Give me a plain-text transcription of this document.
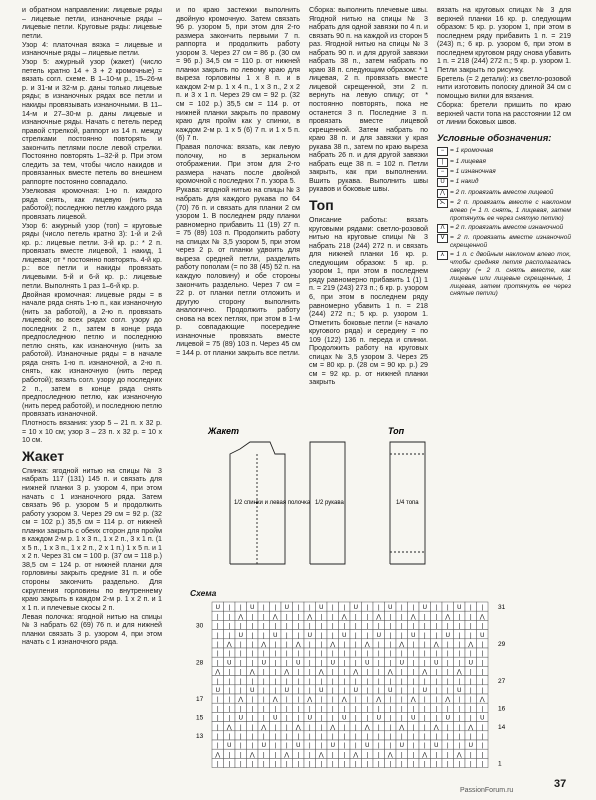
и обратном направлении: лицевые ряды – лицевые петли, изнаночные ряды – лицевые петли. Круговые ряды: лицевые петли.

Узор 4: платочная вязка = лицевые и изнаночные ряды – лицевые петли.

Узор 5: ажурный узор (жакет) (число петель кратно 14 + 3 + 2 кромочные) = вязать согл. схеме. В 1–10-м р., 15–26-м р. и 31-м и 32-м р. даны только лицевые ряды; в изнаночных рядах все петли и накиды провязывать изнаночными. В 11–14-м и 27–30-м р. даны лицевые и изнаночные ряды. Начать с петель перед правой стрелкой, раппорт из 14 п. между стрелками постоянно повторять и закончить петлями после левой стрелки. Постоянно повторять 1–32-й р. При этом следить за тем, чтобы число накидов и провязанных вместе петель во внешнем раппорте постоянно совпадало.

Узелковая кромочная: 1-ю п. каждого ряда снять, как лицевую (нить за работой); последнюю петлю каждого ряда провязать лицевой.

Узор 6: ажурный узор (топ) = круговые ряды (число петель кратно 3): 1-й и 2-й кр. р.: лицевые петли. 3-й кр. р.: * 2 п. провязать вместе лицевой, 1 накид, 1 лицевая; от * постоянно повторять. 4-й кр. р.: все петли и накиды провязать лицевыми. 5-й и 6-й кр. р.: лицевые петли. Выполнять 1 раз 1–6-й кр. р.

Двойная кромочная: лицевые ряды = в начале ряда снять 1-ю п., как изнаночную (нить за работой), а 2-ю п. провязать лицевой; во всех рядах согл. узору до последних 2 п., затем в конце ряда предпоследнюю петлю и последнюю петлю снять, как изнаночную (нить за работой). Изнаночные ряды = в начале ряда снять 1-ю п. изнаночной, а 2-ю п. снять, как изнаночную (нить перед работой); вязать согл. узору до последних 2 п., затем в конце ряда снять предпоследнюю петлю, как изнаночную (нить перед работой), и последнюю петлю провязать изнаночной.

Плотность вязания: узор 5 – 21 п. x 32 р. = 10 x 10 см; узор 3 – 23 п. x 32 р. = 10 x 10 см.

Жакет

Спинка: ягодной нитью на спицы № 3 набрать 117 (131) 145 п. и связать для нижней планки 3 р. узором 4, при этом начать с 1 изнаночного ряда. Затем связать 96 р. узором 5 и продолжить работу узором 3. Через 29 см = 92 р. (32 см = 102 р.) 35,5 см = 114 р. от нижней планки закрыть с обеих сторон для пройм в каждом 2-м р. 1 x 3 п., 1 x 2 п., 3 x 1 п. (1 x 5 п., 1 x 3 п., 1 x 2 п., 2 x 1 п.) 1 x 5 п. и 1 x 2 п. Через 31 см = 100 р. (37 см = 118 р.) 38,5 см = 124 р. от нижней планки для горловины закрыть средние 31 п. и обе стороны закончить раздельно. Для скругления горловины по внутреннему краю закрыть в каждом 2-м р. 1 x 2 п. и 1 x 1 п. и плечевые скосы 2 п.

Левая полочка: ягодной нитью на спицы № 3 набрать 62 (69) 76 п. и для нижней планки связать 3 р. узором 4, при этом начать с 1 изнаночного ряда.

и по краю застежки выполнить двойную кромочную. Затем связать 96 р. узором 5, при этом для 2-го размера закончить первыми 7 п. раппорта и продолжить работу узором 3. Через 27 см = 86 р. (30 см = 96 р.) 34,5 см = 110 р. от нижней планки закрыть по левому краю для выреза горловины 1 x 8 п. и в каждом 2-м р. 1 x 4 п., 1 x 3 п., 2 x 2 п. и 3 x 1 п. Через 29 см = 92 р. (32 см = 102 р.) 35,5 см = 114 р. от нижней планки закрыть по правому краю для пройм как у спинки, в каждом 2-м р. 1 x 5 (6) 7 п. и 1 x 5 п. (6) 7 п.

Правая полочка: вязать, как левую полочку, но в зеркальном отображении. При этом для 2-го размера начать после двойной кромочной с последних 7 п. узора 5.

Рукава: ягодной нитью на спицы № 3 набрать для каждого рукава по 64 (70) 76 п. и связать для планки 2 см узором 1. В последнем ряду планки равномерно прибавить 11 (19) 27 п. = 75 (89) 103 п. Продолжить работу на спицах № 3,5 узором 5, при этом через 2 р. от планки удвоить для выреза средней петли, разделить работу пополам (= по 38 (45) 52 п. на каждую половину) и обе стороны закончить раздельно. Через 7 см = 22 р. от планки петли отложить и другую сторону выполнить аналогично. Продолжить работу снова на всех петлях, при этом в 1-м р. совпадающие посередине изнаночные провязать вместе лицевой = 75 (89) 103 п. Через 45 см = 144 р. от планки закрыть все петли.

Сборка: выполнить плечевые швы. Ягодной нитью на спицы № 3 набрать для одной завязки по 4 п. и связать 90 п. на каждой из сторон 5 раз. Ягодной нитью на спицы № 3 набрать 90 п. и для другой завязки набрать 38 п., затем набрать по краю 38 п. следующим образом: * 1 лицевая, 2 п. провязать вместе лицевой скрещенной, эти 2 п. вернуть на левую спицу; от * постоянно повторять, пока не останется 3 п. Последние 3 п. провязать вместе лицевой скрещенной. Затем набрать по краю 38 п. и для завязки у края рукава 38 п., затем по краю выреза набрать 26 п. и для другой завязки набрать еще 38 п. = 102 п. Петли закрыть, как при выполнении. Вшить рукава. Выполнить швы рукавов и боковые швы.

Топ

Описание работы: вязать круговыми рядами: светло-розовой нитью на круговые спицы № 3 набрать 218 (244) 272 п. и связать для нижней планки 16 кр. р. следующим образом: 5 кр. р. узором 1, при этом в последнем ряду равномерно прибавить 1 (1) 1 п. = 219 (243) 273 п.; 6 кр. р. узором 6, при этом в последнем ряду равномерно убавить 1 п. = 218 (244) 272 п.; 5 кр. р. узором 1. Отметить боковые петли (= начало кругового ряда) и середину = по 109 (122) 136 п. переда и спинки. Продолжить работу на круговых спицах № 3,5 узором 3. Через 25 см = 80 кр. р. (28 см = 90 кр. р.) 29 см = 92 кр. р. от нижней планки закрыть

вязать на круговых спицах № 3 для верхней планки 16 кр. р. следующим образом: 5 кр. р. узором 1, при этом в последнем ряду прибавить 1 п. = 219 (243) п.; 6 кр. р. узором 6, при этом в последнем круговом ряду снова убавить 1 п. = 218 (244) 272 п.; 5 кр. р. узором 1. Петли закрыть по рисунку.

Бретель (= 2 детали): из светло-розовой нити изготовить полоску длиной 34 см с помощью вилки для вязания.

Сборка: бретели пришить по краю верхней части топа на расстоянии 12 см от линии боковых швов.

Условные обозначения:
− = 1 кромочная
|	= 1 лицевая
− = 1 изнаночная
U = 1 накид
⋀ = 2 п. провязать вместе лицевой
⋋ = 2 п. провязать вместе с наклоном влево (= 1 п. снять, 1 лицевая, затем протянуть ее через снятую петлю)
ⴷ = 2 п. провязать вместе изнаночной
ⴸ = 2 п. провязать вместе изнаночной скрещенной
⋏ = 1 п. с двойным наклоном влево ток, чтобы средняя петля располагалась сверху (= 2 п. снять вместе, как лицевые или лицевые скрещенные, 1 лицевая, затем протянуть ее через снятые петли)
Жакет	Топ
1/2 спинки и левая полочка 1/2 рукава	1/4 топа
Схема
U | | U | | U | | U | | U | | U | | U | | U | |
| | ⋀ | | ⋀ | | ⋀ | | ⋀ | | ⋀ | | ⋀ | | ⋀ | | ⋀
| | | | | | | | | | | | | | | | | | | | | | | |
| | U | | U | | U | | U | | U | | U | | U | | U
| ⋀ | | ⋀ | | ⋀ | | ⋀ | | ⋀ | | ⋀ | | ⋀ | | ⋀ |
| | | | | | | | | | | | | | | | | | | | | | | |
| U | | U | | U | | U | | U | | U | | U | | U |
⋀ | | ⋀ | | ⋀ | | ⋀ | | ⋀ | | ⋀ | | ⋀ | | ⋀ | |
| | | | | | | | | | | | | | | | | | | | | | | |
U | | U | | U | | U | | U | | U | | U | | U | |
| | ⋀ | | ⋀ | | ⋀ | | ⋀ | | ⋀ | | ⋀ | | ⋀ | | ⋀
| | | | | | | | | | | | | | | | | | | | | | | |
| | U | | U | | U | | U | | U | | U | | U | | U
| ⋀ | | ⋀ | | ⋀ | | ⋀ | | ⋀ | | ⋀ | | ⋀ | | ⋀ |
| | | | | | | | | | | | | | | | | | | | | | | |
| U | | U | | U | | U | | U | | U | | U | | U |
⋀ | | ⋀ | | ⋀ | | ⋀ | | ⋀ | | ⋀ | | ⋀ | | ⋀ | |
| | | | | | | | | | | | | | | | | | | | | | | |
31
30
29
28
27
17
16
15
14
13
1
PassionForum.ru
37
